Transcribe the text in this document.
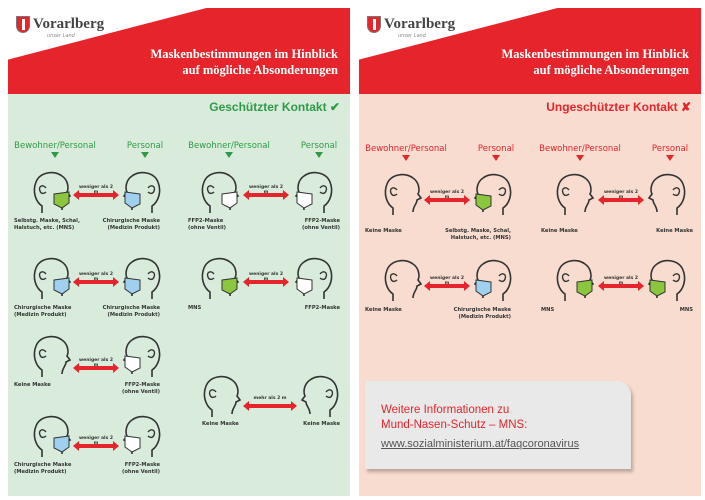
Vorarlberg
unser Land
Maskenbestimmungen im Hinblick
auf mögliche Absonderungen
Geschützter Kontakt ✔
Bewohner/Personal	Personal	Bewohner/Personal	Personal
weniger als 2 m
Selbstg. Maske, Schal,
Halstuch, etc. (MNS)
Chirurgische Maske
(Medizin Produkt)
weniger als 2 m
FFP2-Maske
(ohne Ventil)
FFP2-Maske
(ohne Ventil)
weniger als 2 m
Chirurgische Maske
(Medizin Produkt)
Chirurgische Maske
(Medizin Produkt)
weniger als 2 m
MNS	FFP2-Maske
weniger als 2 m
Keine Maske	FFP2-Maske
(ohne Ventil)
mehr als 2 m
Keine Maske	Keine Maske
weniger als 2 m
Chirurgische Maske
(Medizin Produkt)
FFP2-Maske
(ohne Ventil)
Vorarlberg
unser Land
Maskenbestimmungen im Hinblick
auf mögliche Absonderungen
Ungeschützter Kontakt ✘
Bewohner/Personal	Personal	Bewohner/Personal	Personal
weniger als 2 m
Keine Maske	Selbstg. Maske, Schal,
Halstuch, etc. (MNS)
weniger als 2 m
Keine Maske	Keine Maske
weniger als 2 m
Keine Maske	Chirurgische Maske
(Medizin Produkt)
weniger als 2 m
MNS	MNS
Weitere Informationen zu
Mund-Nasen-Schutz – MNS:
www.sozialministerium.at/faqcoronavirus
